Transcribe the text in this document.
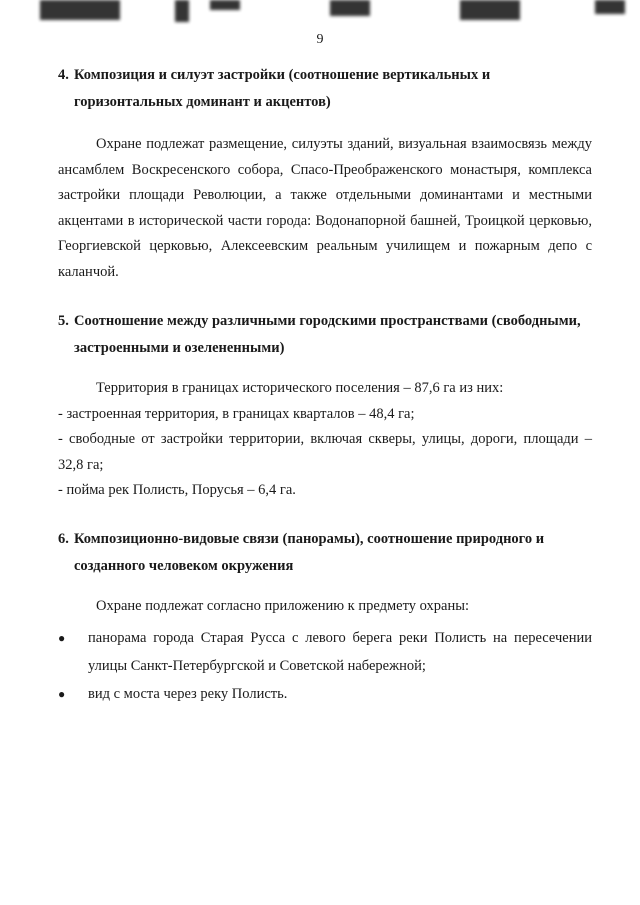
9
4. Композиция и силуэт застройки (соотношение вертикальных и горизонтальных доминант и акцентов)

Охране подлежат размещение, силуэты зданий, визуальная взаимосвязь между ансамблем Воскресенского собора, Спасо-Преображенского монастыря, комплекса застройки площади Революции, а также отдельными доминантами и местными акцентами в исторической части города: Водонапорной башней, Троицкой церковью, Георгиевской церковью, Алексеевским реальным училищем и пожарным депо с каланчой.

5. Соотношение между различными городскими пространствами (свободными, застроенными и озелененными)

Территория в границах исторического поселения – 87,6 га из них:

- застроенная территория, в границах кварталов – 48,4 га;

- свободные от застройки территории, включая скверы, улицы, дороги, площади – 32,8 га;

- пойма рек Полисть, Порусья – 6,4 га.

6. Композиционно-видовые связи (панорамы), соотношение природного и созданного человеком окружения

Охране подлежат согласно приложению к предмету охраны:

●	панорама города Старая Русса с левого берега реки Полисть на пересечении улицы Санкт-Петербургской и Советской набережной;
●	вид с моста через реку Полисть.
